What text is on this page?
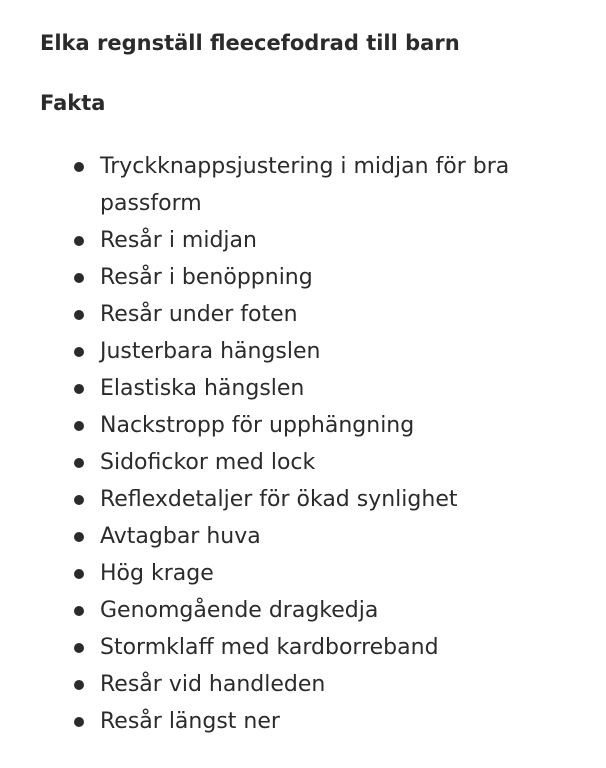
Elka regnställ fleecefodrad till barn
Fakta
Tryckknappsjustering i midjan för bra passform
Resår i midjan
Resår i benöppning
Resår under foten
Justerbara hängslen
Elastiska hängslen
Nackstropp för upphängning
Sidofickor med lock
Reflexdetaljer för ökad synlighet
Avtagbar huva
Hög krage
Genomgående dragkedja
Stormklaff med kardborreband
Resår vid handleden
Resår längst ner
